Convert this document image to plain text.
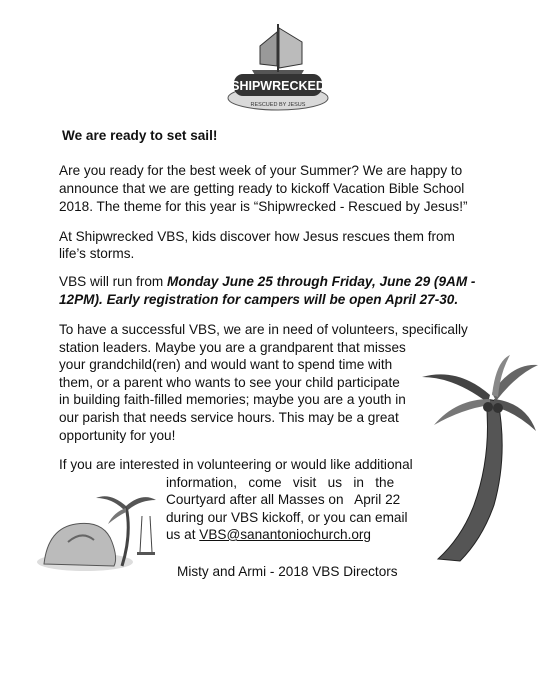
SHIPWRECKED
RESCUED BY JESUS
We are ready to set sail!
Are you ready for the best week of your Summer? We are happy to
announce that we are getting ready to kickoff Vacation Bible School
2018. The theme for this year is “Shipwrecked - Rescued by Jesus!”
At Shipwrecked VBS, kids discover how Jesus rescues them from
life’s storms.
VBS will run from Monday June 25 through Friday, June 29 (9AM -
12PM). Early registration for campers will be open April 27-30.
To have a successful VBS, we are in need of volunteers, specifically
station leaders. Maybe you are a grandparent that misses
your grandchild(ren) and would want to spend time with
them, or a parent who wants to see your child participate
in building faith-filled memories; maybe you are a youth in
our parish that needs service hours. This may be a great
opportunity for you!
If you are interested in volunteering or would like additional
information,   come   visit   us   in   the
Courtyard after all Masses on   April 22
during our VBS kickoff, or you can email
us at VBS@sanantoniochurch.org
Misty and Armi - 2018 VBS Directors
